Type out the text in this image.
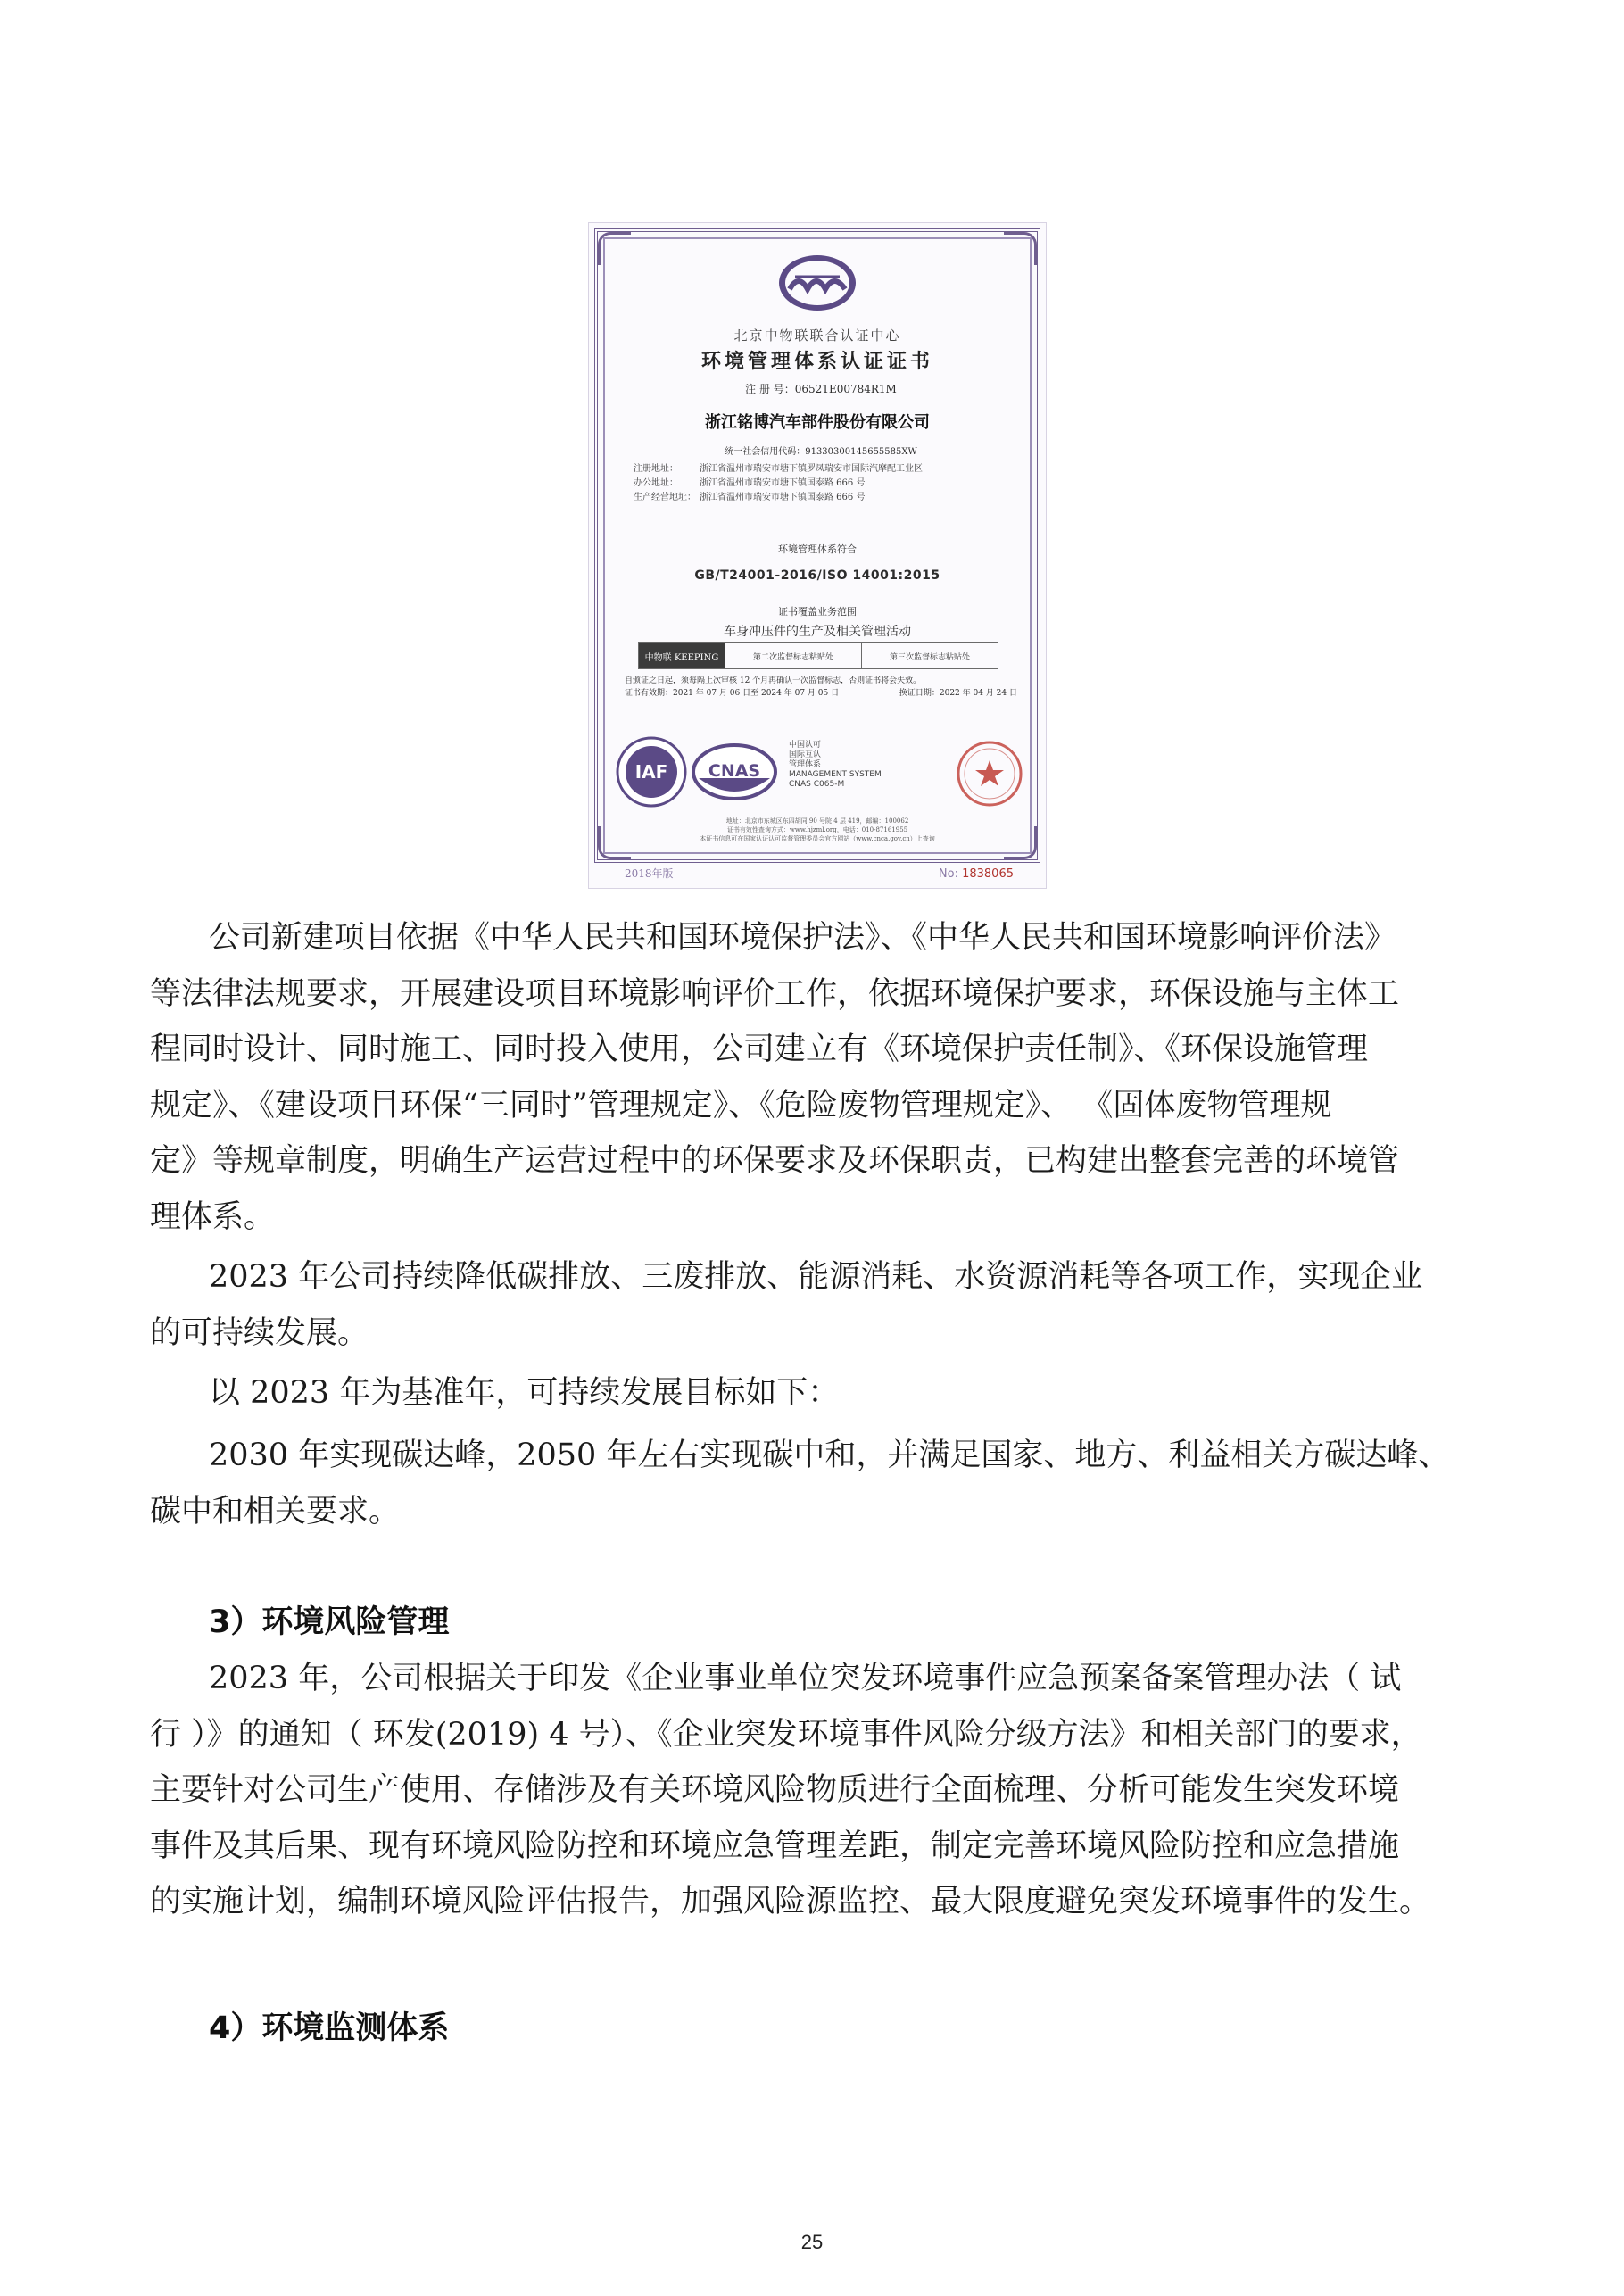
北京中物联联合认证中心
环境管理体系认证证书
注 册 号：06521E00784R1M
浙江铭博汽车部件股份有限公司
统一社会信用代码：91330300145655585XW
注册地址： 浙江省温州市瑞安市塘下镇罗凤瑞安市国际汽摩配工业区
办公地址： 浙江省温州市瑞安市塘下镇国泰路 666 号
生产经营地址： 浙江省温州市瑞安市塘下镇国泰路 666 号
环境管理体系符合
GB/T24001-2016/ISO 14001:2015
证书覆盖业务范围
车身冲压件的生产及相关管理活动
中物联 KEEPING	第二次监督标志粘贴处	第三次监督标志粘贴处
自颁证之日起，须每隔上次审核 12 个月再确认一次监督标志，否则证书将会失效。
证书有效期：2021 年 07 月 06 日至 2024 年 07 月 05 日	换证日期：2022 年 04 月 24 日
IAF CNAS
中国认可
国际互认
管理体系
MANAGEMENT SYSTEM
CNAS C065-M
地址：北京市东城区东四胡同 90 号院 4 层 419，邮编：100062
证书有效性查询方式：www.hjzml.org，电话：010-87161955
本证书信息可在国家认证认可监督管理委员会官方网站（www.cnca.gov.cn）上查询
2018年版	No: 1838065
公司新建项目依据《中华人民共和国环境保护法》、《中华人民共和国环境影响评价法》
等法律法规要求，开展建设项目环境影响评价工作，依据环境保护要求，环保设施与主体工
程同时设计、同时施工、同时投入使用，公司建立有《环境保护责任制》、《环保设施管理
规定》、《建设项目环保“三同时”管理规定》、《危险废物管理规定》、 《固体废物管理规
定》等规章制度，明确生产运营过程中的环保要求及环保职责，已构建出整套完善的环境管
理体系。
2023 年公司持续降低碳排放、三废排放、能源消耗、水资源消耗等各项工作，实现企业
的可持续发展。
以 2023 年为基准年，可持续发展目标如下：
2030 年实现碳达峰，2050 年左右实现碳中和，并满足国家、地方、利益相关方碳达峰、
碳中和相关要求。
3）环境风险管理
2023 年，公司根据关于印发《企业事业单位突发环境事件应急预案备案管理办法（ 试
行 ）》的通知（ 环发(2019) 4 号）、《企业突发环境事件风险分级方法》和相关部门的要求，
主要针对公司生产使用、存储涉及有关环境风险物质进行全面梳理、分析可能发生突发环境
事件及其后果、现有环境风险防控和环境应急管理差距，制定完善环境风险防控和应急措施
的实施计划，编制环境风险评估报告，加强风险源监控、最大限度避免突发环境事件的发生。
4）环境监测体系
25
